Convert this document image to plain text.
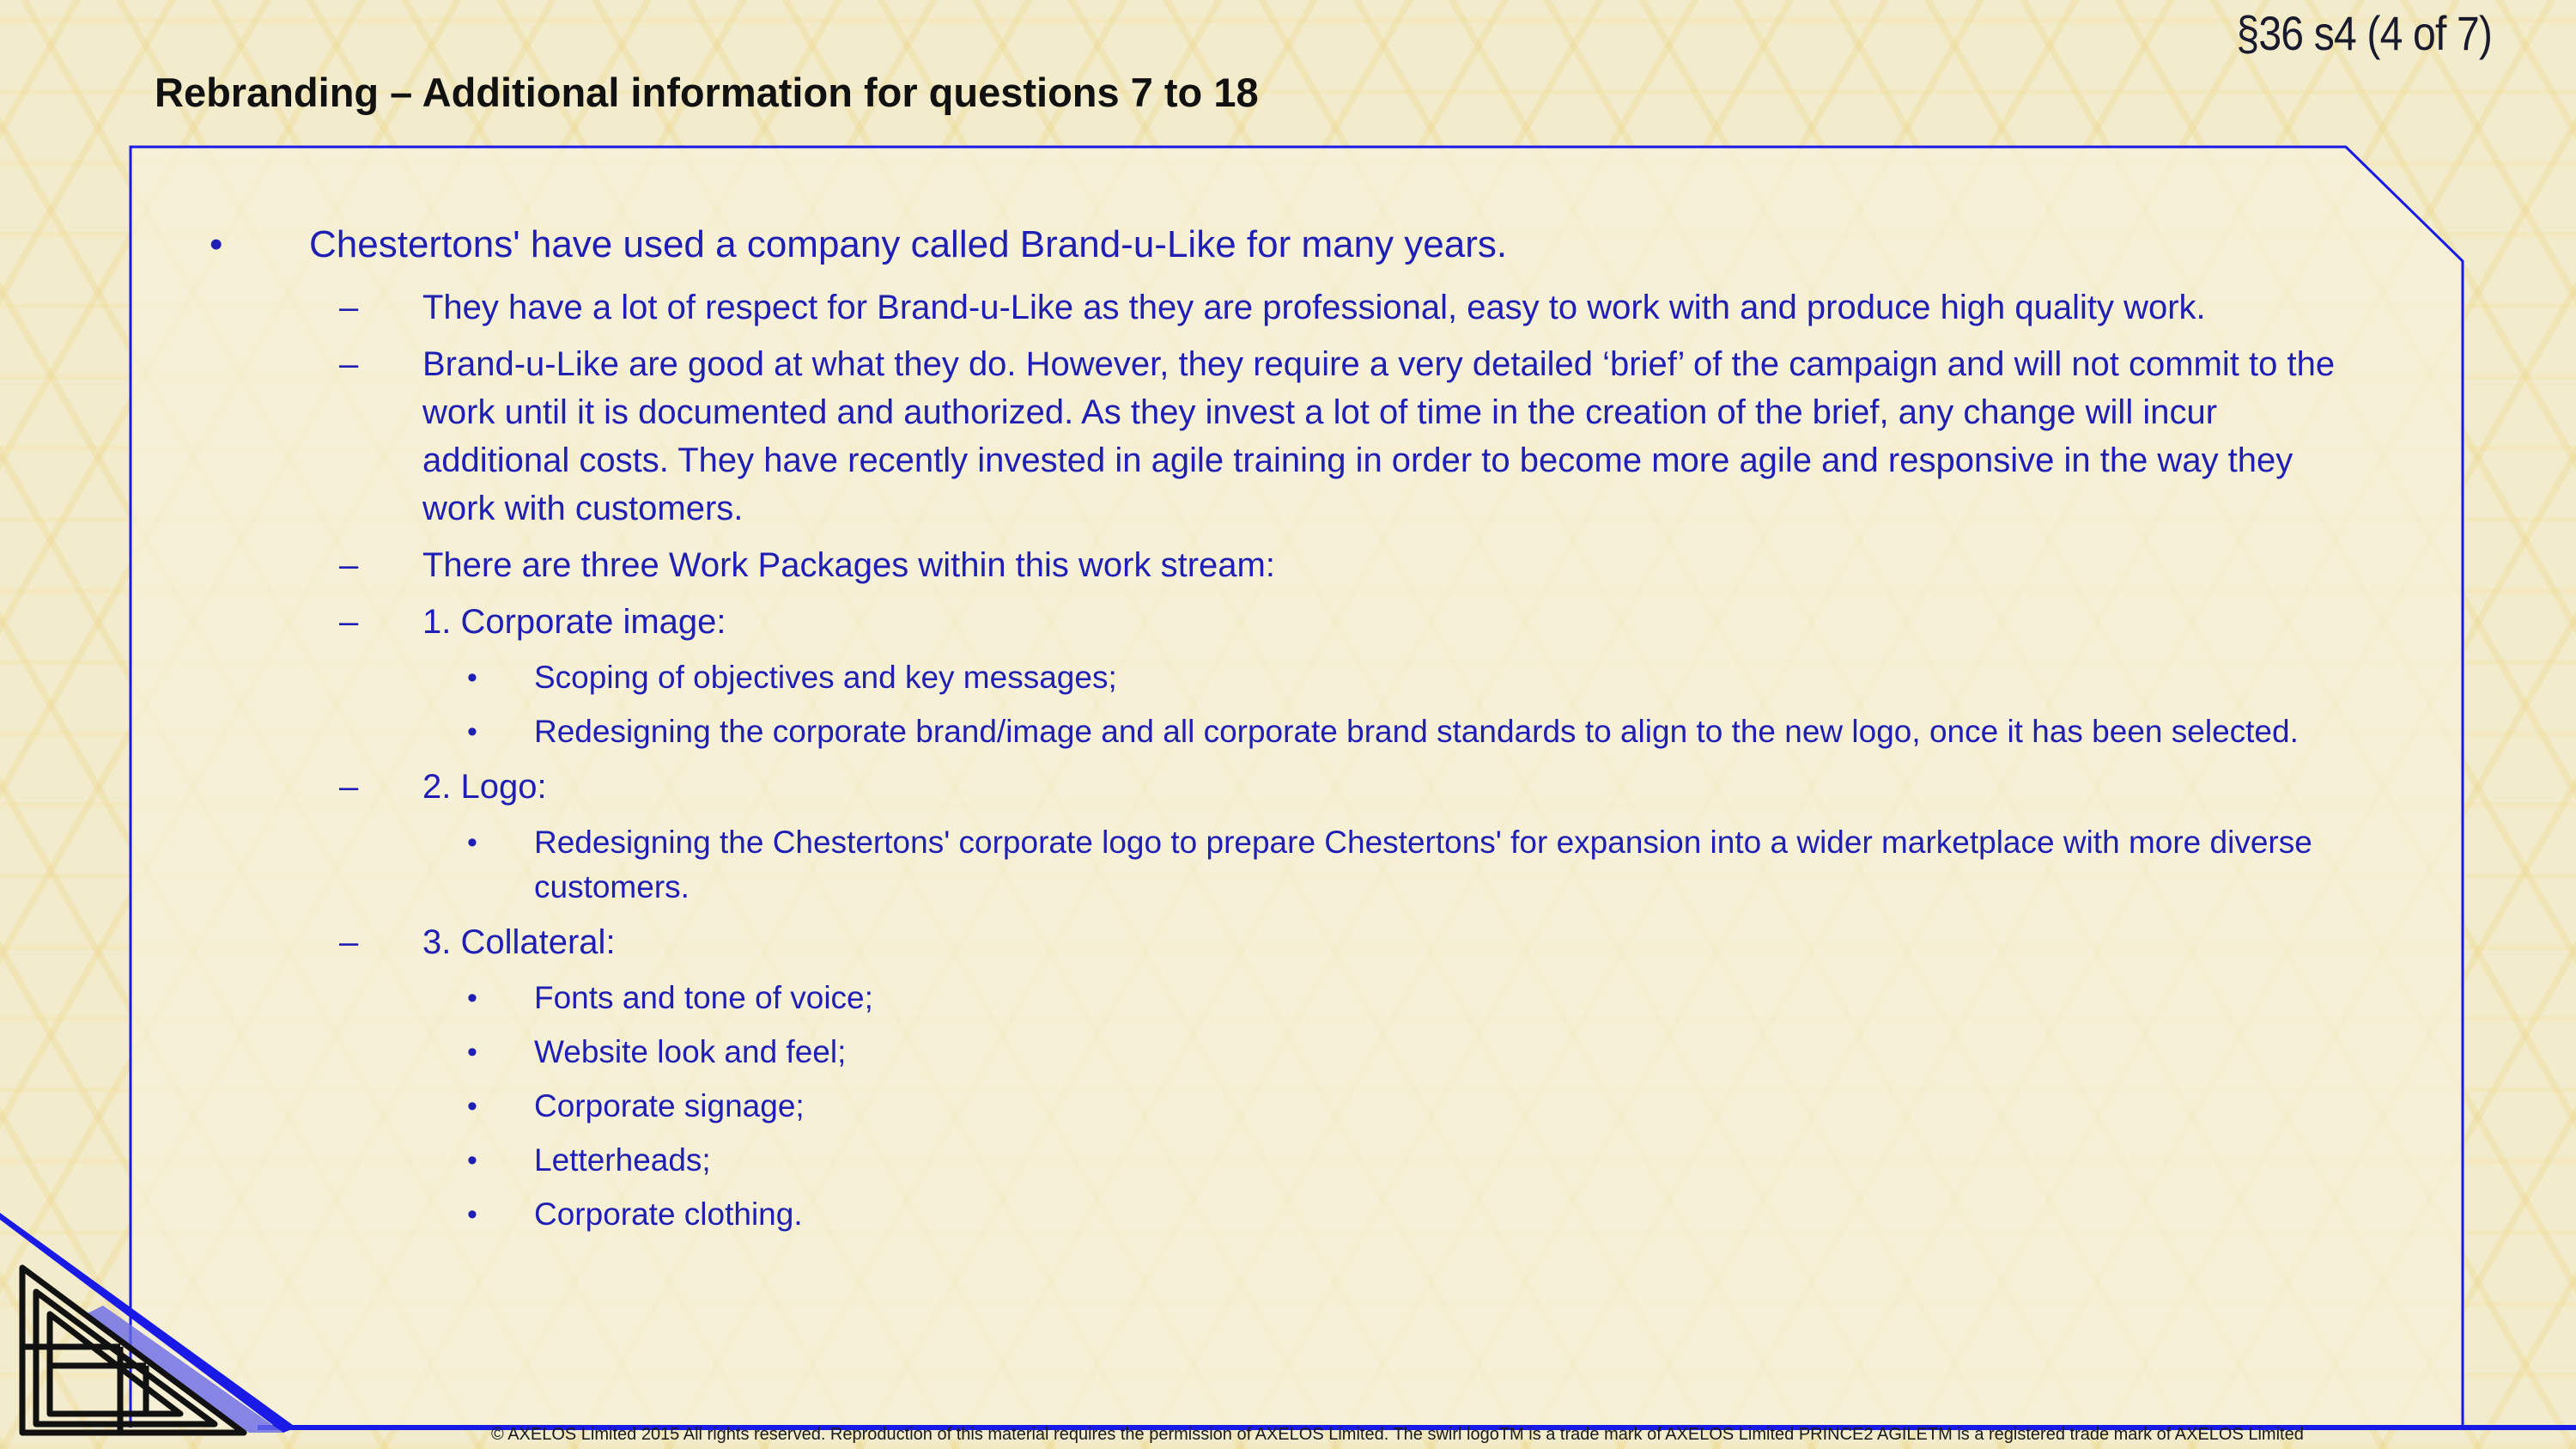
§36 s4 (4 of 7)
Rebranding – Additional information for questions 7 to 18
• Chestertons' have used a company called Brand-u-Like for many years.
– They have a lot of respect for Brand-u-Like as they are professional, easy to work with and produce high quality work.
– Brand-u-Like are good at what they do. However, they require a very detailed ‘brief’ of the campaign and will not commit to the work until it is documented and authorized. As they invest a lot of time in the creation of the brief, any change will incur additional costs. They have recently invested in agile training in order to become more agile and responsive in the way they work with customers.
– There are three Work Packages within this work stream:
– 1. Corporate image:
• Scoping of objectives and key messages;
• Redesigning the corporate brand/image and all corporate brand standards to align to the new logo, once it has been selected.
– 2. Logo:
• Redesigning the Chestertons' corporate logo to prepare Chestertons' for expansion into a wider marketplace with more diverse customers.
– 3. Collateral:
• Fonts and tone of voice;
• Website look and feel;
• Corporate signage;
• Letterheads;
• Corporate clothing.
© AXELOS Limited 2015 All rights reserved. Reproduction of this material requires the permission of AXELOS Limited. The swirl logoTM is a trade mark of AXELOS Limited PRINCE2 AGILETM is a registered trade mark of AXELOS Limited
